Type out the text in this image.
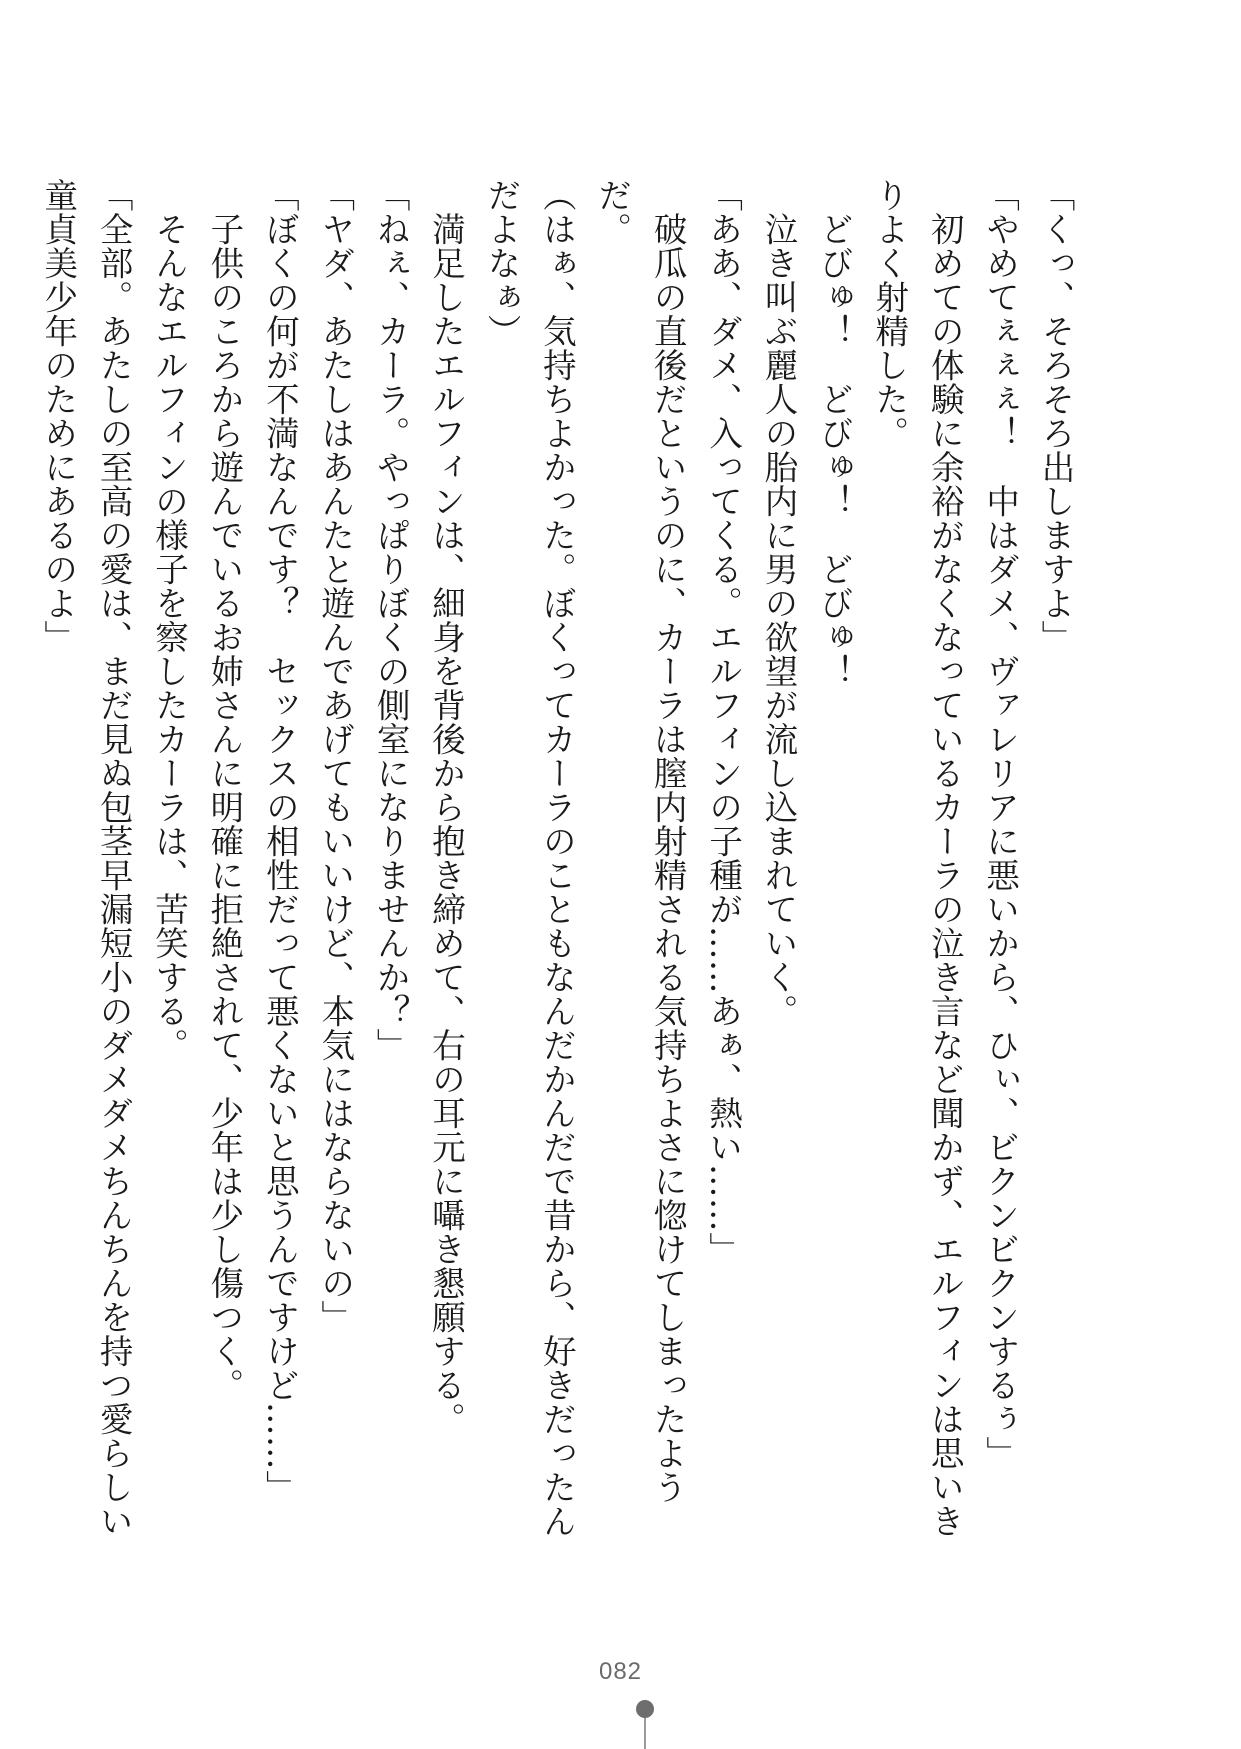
「くっ、そろそろ出しますよ」

「やめてぇぇぇ！　中はダメ、ヴァレリアに悪いから、ひぃ、ビクンビクンするぅ」

　初めての体験に余裕がなくなっているカーラの泣き言など聞かず、エルフィンは思いきりよく射精した。

　どびゅ！　どびゅ！　どびゅ！

　泣き叫ぶ麗人の胎内に男の欲望が流し込まれていく。

「ああ、ダメ、入ってくる。エルフィンの子種が……あぁ、熱い……」

　破瓜の直後だというのに、カーラは膣内射精される気持ちよさに惚けてしまったようだ。

（はぁ、気持ちよかった。ぼくってカーラのこともなんだかんだで昔から、好きだったんだよなぁ）

　満足したエルフィンは、細身を背後から抱き締めて、右の耳元に囁き懇願する。

「ねぇ、カーラ。やっぱりぼくの側室になりませんか？」

「ヤダ、あたしはあんたと遊んであげてもいいけど、本気にはならないの」

「ぼくの何が不満なんです？　セックスの相性だって悪くないと思うんですけど……」

　子供のころから遊んでいるお姉さんに明確に拒絶されて、少年は少し傷つく。

　そんなエルフィンの様子を察したカーラは、苦笑する。

「全部。あたしの至高の愛は、まだ見ぬ包茎早漏短小のダメダメちんちんを持つ愛らしい童貞美少年のためにあるのよ」

082
